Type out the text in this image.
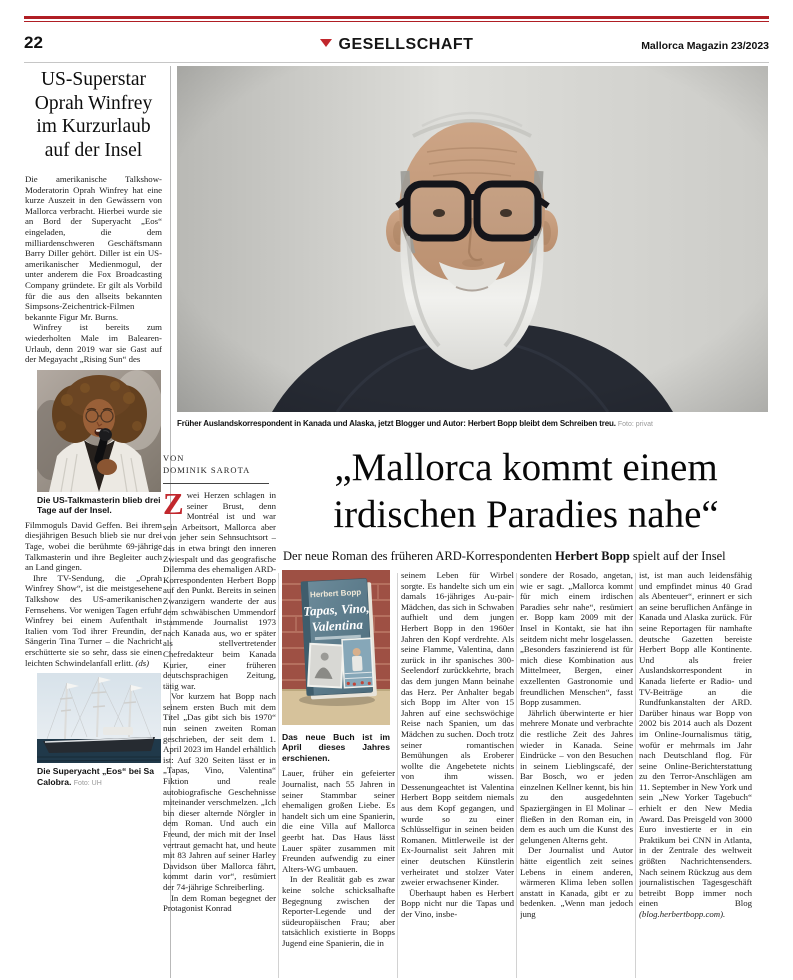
22	GESELLSCHAFT	Mallorca Magazin 23/2023
US-Superstar Oprah Winfrey im Kurzurlaub auf der Insel

Die amerikanische Talkshow-Moderatorin Oprah Winfrey hat eine kurze Auszeit in den Gewässern von Mallorca verbracht. Hierbei wurde sie an Bord der Superyacht „Eos“ eingeladen, die dem milliardenschweren Geschäftsmann Barry Diller gehört. Diller ist ein US-amerikanischer Medienmogul, der unter anderem die Fox Broadcasting Company gründete. Er gilt als Vorbild für die aus den allseits bekannten Simpsons-Zeichentrick-Filmen bekannte Figur Mr. Burns.

Winfrey ist bereits zum wiederholten Male im Balearen-Urlaub, denn 2019 war sie Gast auf der Megayacht „Rising Sun“ des

Die US-Talkmasterin blieb drei Tage auf der Insel.

Filmmoguls David Geffen. Bei ihrem diesjährigen Besuch blieb sie nur drei Tage, wobei die berühmte 69-jährige Talkmasterin und ihre Begleiter auch an Land gingen.

Ihre TV-Sendung, die „Oprah Winfrey Show“, ist die meistgesehene Talkshow des US-amerikanischen Fernsehens. Vor wenigen Tagen erfuhr Winfrey bei einem Aufenthalt in Italien vom Tod ihrer Freundin, der Sängerin Tina Turner – die Nachricht erschütterte sie so sehr, dass sie einen leichten Schwindelanfall erlitt. (ds)

Die Superyacht „Eos“ bei Sa Calobra. Foto: UH
Früher Auslandskorrespondent in Kanada und Alaska, jetzt Blogger und Autor: Herbert Bopp bleibt dem Schreiben treu. Foto: privat
VON
DOMINIK SAROTA	„Mallorca kommt einem
irdischen Paradies nahe“
Der neue Roman des früheren ARD-Korrespondenten Herbert Bopp spielt auf der Insel

Zwei Herzen schlagen in seiner Brust, denn Montréal ist und war sein Arbeitsort, Mallorca aber von jeher sein Sehnsuchtsort – das in etwa bringt den inneren Zwiespalt und das geografische Dilemma des ehemaligen ARD-Korrespondenten Herbert Bopp auf den Punkt. Bereits in seinen Zwanzigern wanderte der aus dem schwäbischen Ummendorf stammende Journalist 1973 nach Kanada aus, wo er später als stellvertretender Chefredakteur beim Kanada Kurier, einer früheren deutschsprachigen Zeitung, tätig war.

Vor kurzem hat Bopp nach seinem ersten Buch mit dem Titel „Das gibt sich bis 1970“ nun seinen zweiten Roman geschrieben, der seit dem 1. April 2023 im Handel erhältlich ist: Auf 320 Seiten lässt er in „Tapas, Vino, Valentina“ Fiktion und reale autobiografische Geschehnisse miteinander verschmelzen. „Ich bin dieser alternde Nörgler in dem Roman. Und auch ein Freund, der mich mit der Insel vertraut gemacht hat, und heute mit 83 Jahren auf seiner Harley Davidson über Mallorca fährt, kommt darin vor“, resümiert der 74-jährige Schreiberling.

In dem Roman begegnet der Protagonist Konrad

Herbert Bopp
Tapas, Vino,
Valentina
Das neue Buch ist im April dieses Jahres erschienen.

Lauer, früher ein gefeierter Journalist, nach 55 Jahren in seiner Stammbar seiner ehemaligen großen Liebe. Es handelt sich um eine Spanierin, die eine Villa auf Mallorca geerbt hat. Das Haus lässt Lauer später zusammen mit Freunden aufwendig zu einer Alters-WG umbauen.

In der Realität gab es zwar keine solche schicksalhafte Begegnung zwischen der Reporter-Legende und der südeuropäischen Frau; aber tatsächlich existierte in Bopps Jugend eine Spanierin, die in

seinem Leben für Wirbel sorgte. Es handelte sich um ein damals 16-jähriges Au-pair-Mädchen, das sich in Schwaben aufhielt und dem jungen Herbert Bopp in den 1960er Jahren den Kopf verdrehte. Als seine Flamme, Valentina, dann zurück in ihr spanisches 300-Seelendorf zurückkehrte, brach das dem jungen Mann beinahe das Herz. Per Anhalter begab sich Bopp im Alter von 15 Jahren auf eine sechswöchige Reise nach Spanien, um das Mädchen zu suchen. Doch trotz seiner romantischen Bemühungen als Eroberer wollte die Angebetete nichts von ihm wissen. Dessenungeachtet ist Valentina Herbert Bopp seitdem niemals aus dem Kopf gegangen, und wurde so zu einer Schlüsselfigur in seinen beiden Romanen. Mittlerweile ist der Ex-Journalist seit Jahren mit einer deutschen Künstlerin verheiratet und stolzer Vater zweier erwachsener Kinder.

Überhaupt haben es Herbert Bopp nicht nur die Tapas und der Vino, insbe-

sondere der Rosado, angetan, wie er sagt. „Mallorca kommt für mich einem irdischen Paradies sehr nahe“, resümiert er. Bopp kam 2009 mit der Insel in Kontakt, sie hat ihn seitdem nicht mehr losgelassen. „Besonders faszinierend ist für mich diese Kombination aus Mittelmeer, Bergen, einer exzellenten Gastronomie und freundlichen Menschen“, fasst Bopp zusammen.

Jährlich überwinterte er hier mehrere Monate und verbrachte die restliche Zeit des Jahres wieder in Kanada. Seine Eindrücke – von den Besuchen in seinem Lieblingscafé, der Bar Bosch, wo er jeden einzelnen Kellner kennt, bis hin zu den ausgedehnten Spaziergängen in El Molinar – fließen in den Roman ein, in dem es auch um die Kunst des gelungenen Alterns geht.

Der Journalist und Autor hätte eigentlich zeit seines Lebens in einem anderen, wärmeren Klima leben sollen anstatt in Kanada, gibt er zu bedenken. „Wenn man jedoch jung

ist, ist man auch leidensfähig und empfindet minus 40 Grad als Abenteuer“, erinnert er sich an seine beruflichen Anfänge in Kanada und Alaska zurück. Für seine Reportagen für namhafte deutsche Gazetten bereiste Herbert Bopp alle Kontinente. Und als freier Auslandskorrespondent in Kanada lieferte er Radio- und TV-Beiträge an die Rundfunkanstalten der ARD. Darüber hinaus war Bopp von 2002 bis 2014 auch als Dozent im Online-Journalismus tätig, wofür er mehrmals im Jahr nach Deutschland flog. Für seine Online-Berichterstattung zu den Terror-Anschlägen am 11. September in New York und sein „New Yorker Tagebuch“ erhielt er den New Media Award. Das Preisgeld von 3000 Euro investierte er in ein Praktikum bei CNN in Atlanta, in der Zentrale des weltweit größten Nachrichtensenders. Nach seinem Rückzug aus dem journalistischen Tagesgeschäft betreibt Bopp immer noch einen Blog (blog.herbertbopp.com).
